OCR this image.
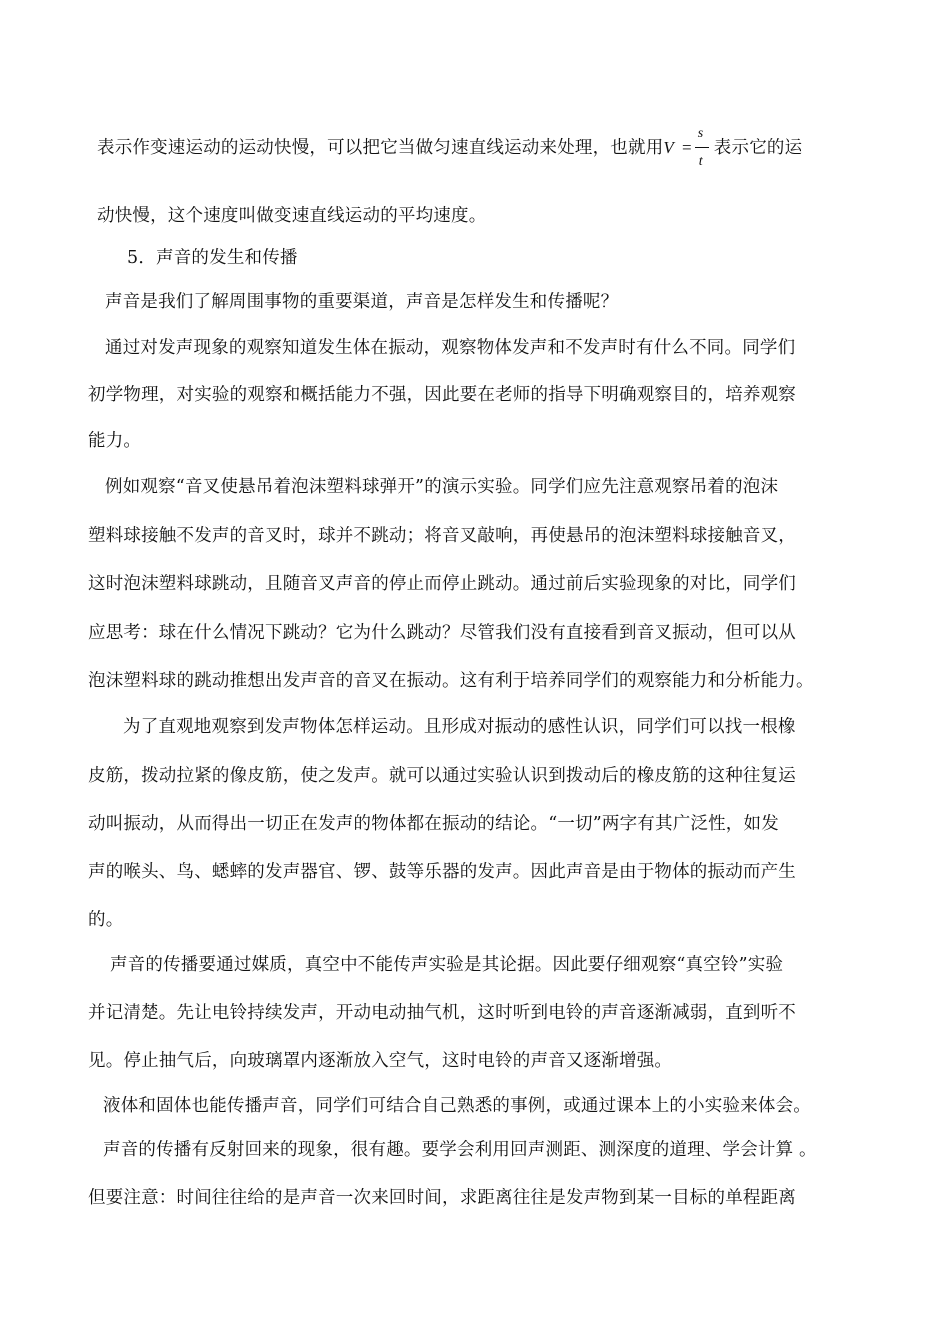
表示作变速运动的运动快慢，可以把它当做匀速直线运动来处理，也就用$V = \frac{s}{t}$ 表示它的运
动快慢，这个速度叫做变速直线运动的平均速度。
5．声音的发生和传播
声音是我们了解周围事物的重要渠道，声音是怎样发生和传播呢？
通过对发声现象的观察知道发生体在振动，观察物体发声和不发声时有什么不同。同学们
初学物理，对实验的观察和概括能力不强，因此要在老师的指导下明确观察目的，培养观察
能力。
例如观察“音叉使悬吊着泡沫塑料球弹开”的演示实验。同学们应先注意观察吊着的泡沫
塑料球接触不发声的音叉时，球并不跳动；将音叉敲响，再使悬吊的泡沫塑料球接触音叉，
这时泡沫塑料球跳动，且随音叉声音的停止而停止跳动。通过前后实验现象的对比，同学们
应思考：球在什么情况下跳动？它为什么跳动？尽管我们没有直接看到音叉振动，但可以从
泡沫塑料球的跳动推想出发声音的音叉在振动。这有利于培养同学们的观察能力和分析能力。
为了直观地观察到发声物体怎样运动。且形成对振动的感性认识，同学们可以找一根橡
皮筋，拨动拉紧的像皮筋，使之发声。就可以通过实验认识到拨动后的橡皮筋的这种往复运
动叫振动，从而得出一切正在发声的物体都在振动的结论。“一切”两字有其广泛性，如发
声的喉头、鸟、蟋蟀的发声器官、锣、鼓等乐器的发声。因此声音是由于物体的振动而产生
的。
声音的传播要通过媒质，真空中不能传声实验是其论据。因此要仔细观察“真空铃”实验
并记清楚。先让电铃持续发声，开动电动抽气机，这时听到电铃的声音逐渐减弱，直到听不
见。停止抽气后，向玻璃罩内逐渐放入空气，这时电铃的声音又逐渐增强。
液体和固体也能传播声音，同学们可结合自己熟悉的事例，或通过课本上的小实验来体会。
声音的传播有反射回来的现象，很有趣。要学会利用回声测距、测深度的道理、学会计算 。
但要注意：时间往往给的是声音一次来回时间，求距离往往是发声物到某一目标的单程距离
